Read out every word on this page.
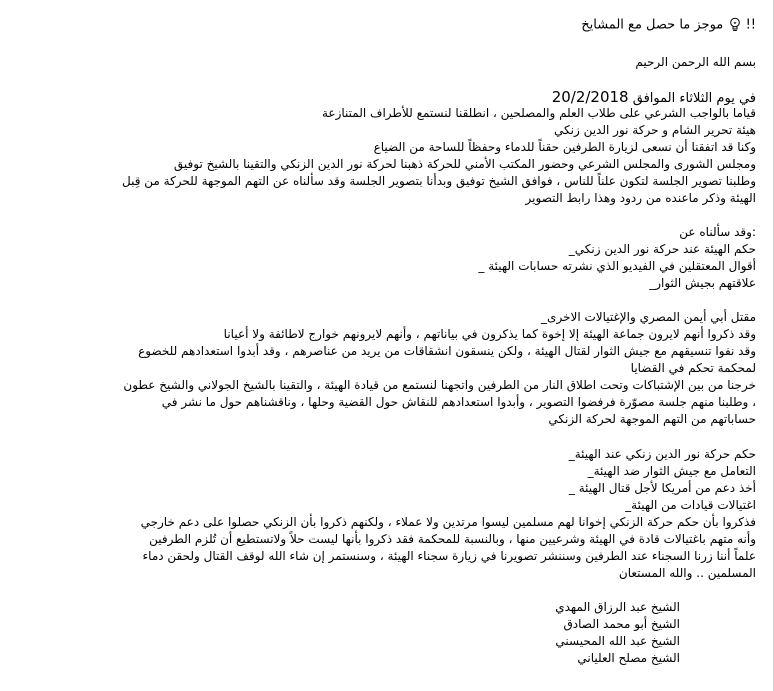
!!  موجز ما حصل مع المشايخ
بسم الله الرحمن الرحيم
في يوم الثلاثاء الموافق 20/2/2018
قياما بالواجب الشرعي على طلاب العلم والمصلحين ، انطلقنا لنستمع للأطراف المتنازعة
هيئة تحرير الشام و حركة نور الدين زنكي
وكنا قد اتفقنا أن نسعى لزيارة الطرفين حقناً للدماء وحفظاً للساحة من الضياع
ومجلس الشورى والمجلس الشرعي وحضور المكتب الأمني للحركة ذهبنا لحركة نور الدين الزنكي والتقينا بالشيخ توفيق
وطلبنا تصوير الجلسة لتكون علناً للناس ، فوافق الشيخ توفيق وبدأنا بتصوير الجلسة وقد سألناه عن التهم الموجهة للحركة من قِبل
الهيئة وذكر ماعنده من ردود وهذا رابط التصوير
:وقد سألناه عن
حكم الهيئة عند حركة نور الدين زنكي_
أقوال المعتقلين في الفيديو الذي نشرته حسابات الهيئة _
علاقتهم بجيش الثوار_
مقتل أبي أيمن المصري والإغتيالات الاخرى_
وقد ذكروا أنهم لايرون جماعة الهيئة إلا إخوة كما يذكرون في بياناتهم ، وأنهم لايرونهم خوارج لاطائفة ولا أعيانا
وقد نفوا تنسيقهم مع جيش الثوار لقتال الهيئة ، ولكن ينسقون انشقاقات من يريد من عناصرهم ، وقد أبدوا استعدادهم للخضوع
لمحكمة تحكم في القضايا
خرجنا من بين الإشتباكات وتحت اطلاق النار من الطرفين واتجهنا لنستمع من قيادة الهيئة ، والتقينا بالشيخ الجولاني والشيخ عطون
، وطلبنا منهم جلسة مصوّرة فرفضوا التصوير ، وأبدوا استعدادهم للنقاش حول القضية وحلها ، وناقشناهم حول ما نشر في
حساباتهم من التهم الموجهة لحركة الزنكي
حكم حركة نور الدين زنكي عند الهيئة_
التعامل مع جيش الثوار ضد الهيئة_
أخذ دعم من أمريكا لأجل قتال الهيئة _
اغتيالات قيادات من الهيئة_
فذكروا بأن حكم حركة الزنكي إخوانا لهم مسلمين ليسوا مرتدين ولا عملاء ، ولكنهم ذكروا بأن الزنكي حصلوا على دعم خارجي
وأنه متهم باغتيالات قادة في الهيئة وشرعيين منها ، وبالنسبة للمحكمة فقد ذكروا بأنها ليست حلاً ولاتستطيع أن تُلزم الطرفين
علماً أننا زرنا السجناء عند الطرفين وسننشر تصويرنا في زيارة سجناء الهيئة ، وسنستمر إن شاء الله لوقف القتال ولحقن دماء
المسلمين .. والله المستعان
الشيخ عبد الرزاق المهدي
الشيخ أبو محمد الصادق
الشيخ عبد الله المحيسني
الشيخ مصلح العلياني
